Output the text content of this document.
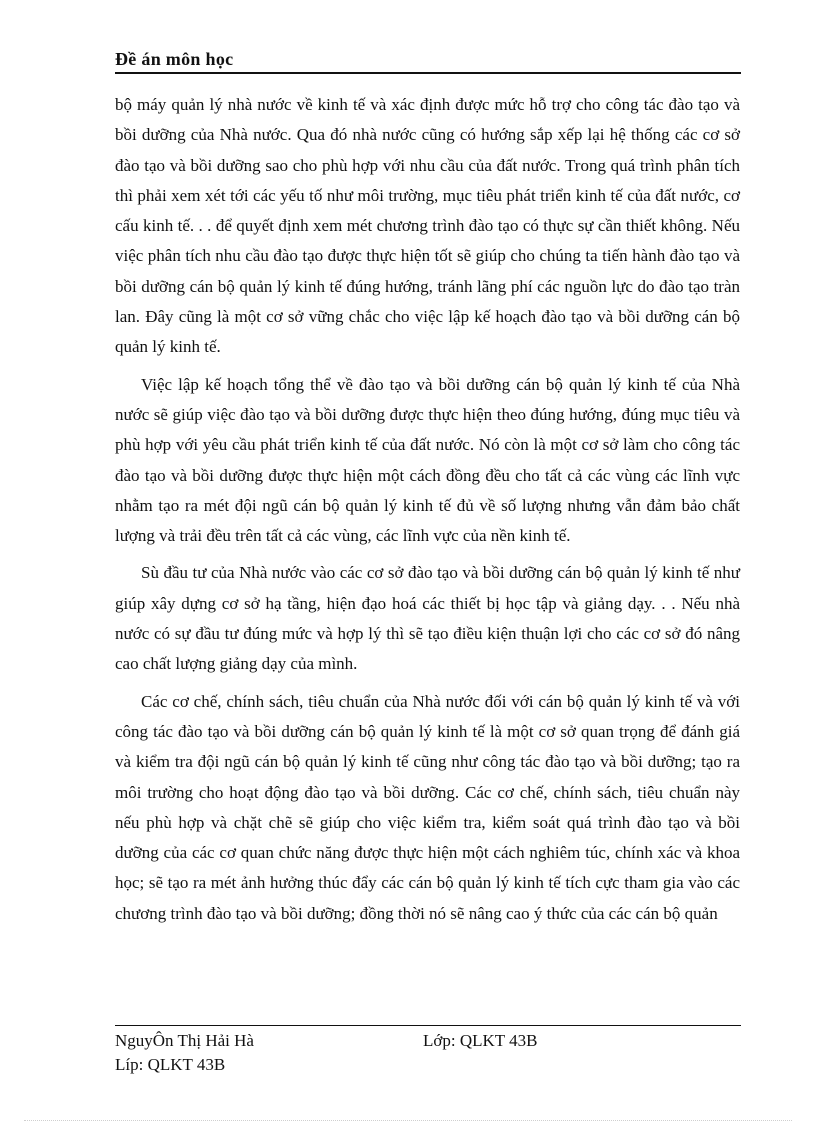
Đề án môn học

bộ máy quản lý nhà nước về kinh tế và xác định được mức hỗ trợ cho công tác đào tạo và bồi dưỡng của Nhà nước. Qua đó nhà nước cũng có hướng sắp xếp lại hệ thống các cơ sở đào tạo và bồi dưỡng sao cho phù hợp với nhu cầu của đất nước. Trong quá trình phân tích thì phải xem xét tới các yếu tố như môi trường, mục tiêu phát triển kinh tế của đất nước, cơ cấu kinh tế. . . để quyết định xem mét chương trình đào tạo có thực sự cần thiết không. Nếu việc phân tích nhu cầu đào tạo được thực hiện tốt sẽ giúp cho chúng ta tiến hành đào tạo và bồi dưỡng cán bộ quản lý kinh tế đúng hướng, tránh lãng phí các nguồn lực do đào tạo tràn lan. Đây cũng là một cơ sở vững chắc cho việc lập kế hoạch đào tạo và bồi dưỡng cán bộ quản lý kinh tế.

Việc lập kế hoạch tổng thể về đào tạo và bồi dưỡng cán bộ quản lý kinh tế của Nhà nước sẽ giúp việc đào tạo và bồi dưỡng được thực hiện theo đúng hướng, đúng mục tiêu và phù hợp với yêu cầu phát triển kinh tế của đất nước. Nó còn là một cơ sở làm cho công tác đào tạo và bồi dưỡng được thực hiện một cách đồng đều cho tất cả các vùng các lĩnh vực nhằm tạo ra mét đội ngũ cán bộ quản lý kinh tế đủ về số lượng nhưng vẫn đảm bảo chất lượng và trải đều trên tất cả các vùng, các lĩnh vực của nền kinh tế.

Sù đầu tư của Nhà nước vào các cơ sở đào tạo và bồi dưỡng cán bộ quản lý kinh tế như giúp xây dựng cơ sở hạ tầng, hiện đạo hoá các thiết bị học tập và giảng dạy. . . Nếu nhà nước có sự đầu tư đúng mức và hợp lý thì sẽ tạo điều kiện thuận lợi cho các cơ sở đó nâng cao chất lượng giảng dạy của mình.

Các cơ chế, chính sách, tiêu chuẩn của Nhà nước đối với cán bộ quản lý kinh tế và với công tác đào tạo và bồi dưỡng cán bộ quản lý kinh tế là một cơ sở quan trọng để đánh giá và kiểm tra đội ngũ cán bộ quản lý kinh tế cũng như công tác đào tạo và bồi dưỡng; tạo ra môi trường cho hoạt động đào tạo và bồi dưỡng. Các cơ chế, chính sách, tiêu chuẩn này nếu phù hợp và chặt chẽ sẽ giúp cho việc kiểm tra, kiểm soát quá trình đào tạo và bồi dưỡng của các cơ quan chức năng được thực hiện một cách nghiêm túc, chính xác và khoa học; sẽ tạo ra mét ảnh hưởng thúc đẩy các cán bộ quản lý kinh tế tích cực tham gia vào các chương trình đào tạo và bồi dưỡng; đồng thời nó sẽ nâng cao ý thức của các cán bộ quản

NguyÔn Thị Hải Hà	Lớp: QLKT 43B
Líp: QLKT 43B
